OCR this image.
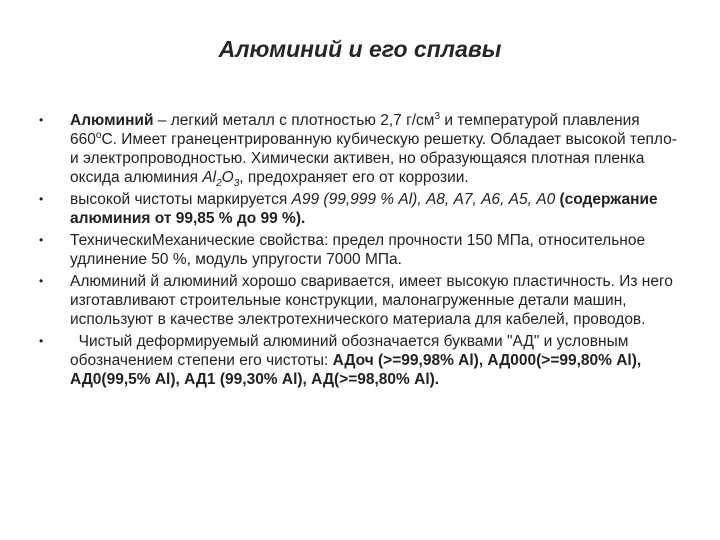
Алюминий и его сплавы
• Алюминий – легкий металл с плотностью 2,7 $г/см^3$ и температурой плавления $660^оС$. Имеет гранецентрированную кубическую решетку. Обладает высокой тепло- и электропроводностью. Химически активен, но образующаяся плотная пленка оксида алюминия $Al_2O_3$, предохраняет его от коррозии.
• высокой чистоты маркируется А99 (99,999 % Al), А8, А7, А6, А5, А0 (содержание алюминия от 99,85 % до 99 %).
• ТехническиМеханические свойства: предел прочности 150 МПа, относительное удлинение 50 %, модуль упругости 7000 МПа.
• Алюминий й алюминий хорошо сваривается, имеет высокую пластичность. Из него изготавливают строительные конструкции, малонагруженные детали машин, используют в качестве электротехнического материала для кабелей, проводов.
• Чистый деформируемый алюминий обозначается буквами "АД" и условным обозначением степени его чистоты: АДоч (>=99,98% Al), АД000(>=99,80% Al), АД0(99,5% Al), АД1 (99,30% Al), АД(>=98,80% Al).
